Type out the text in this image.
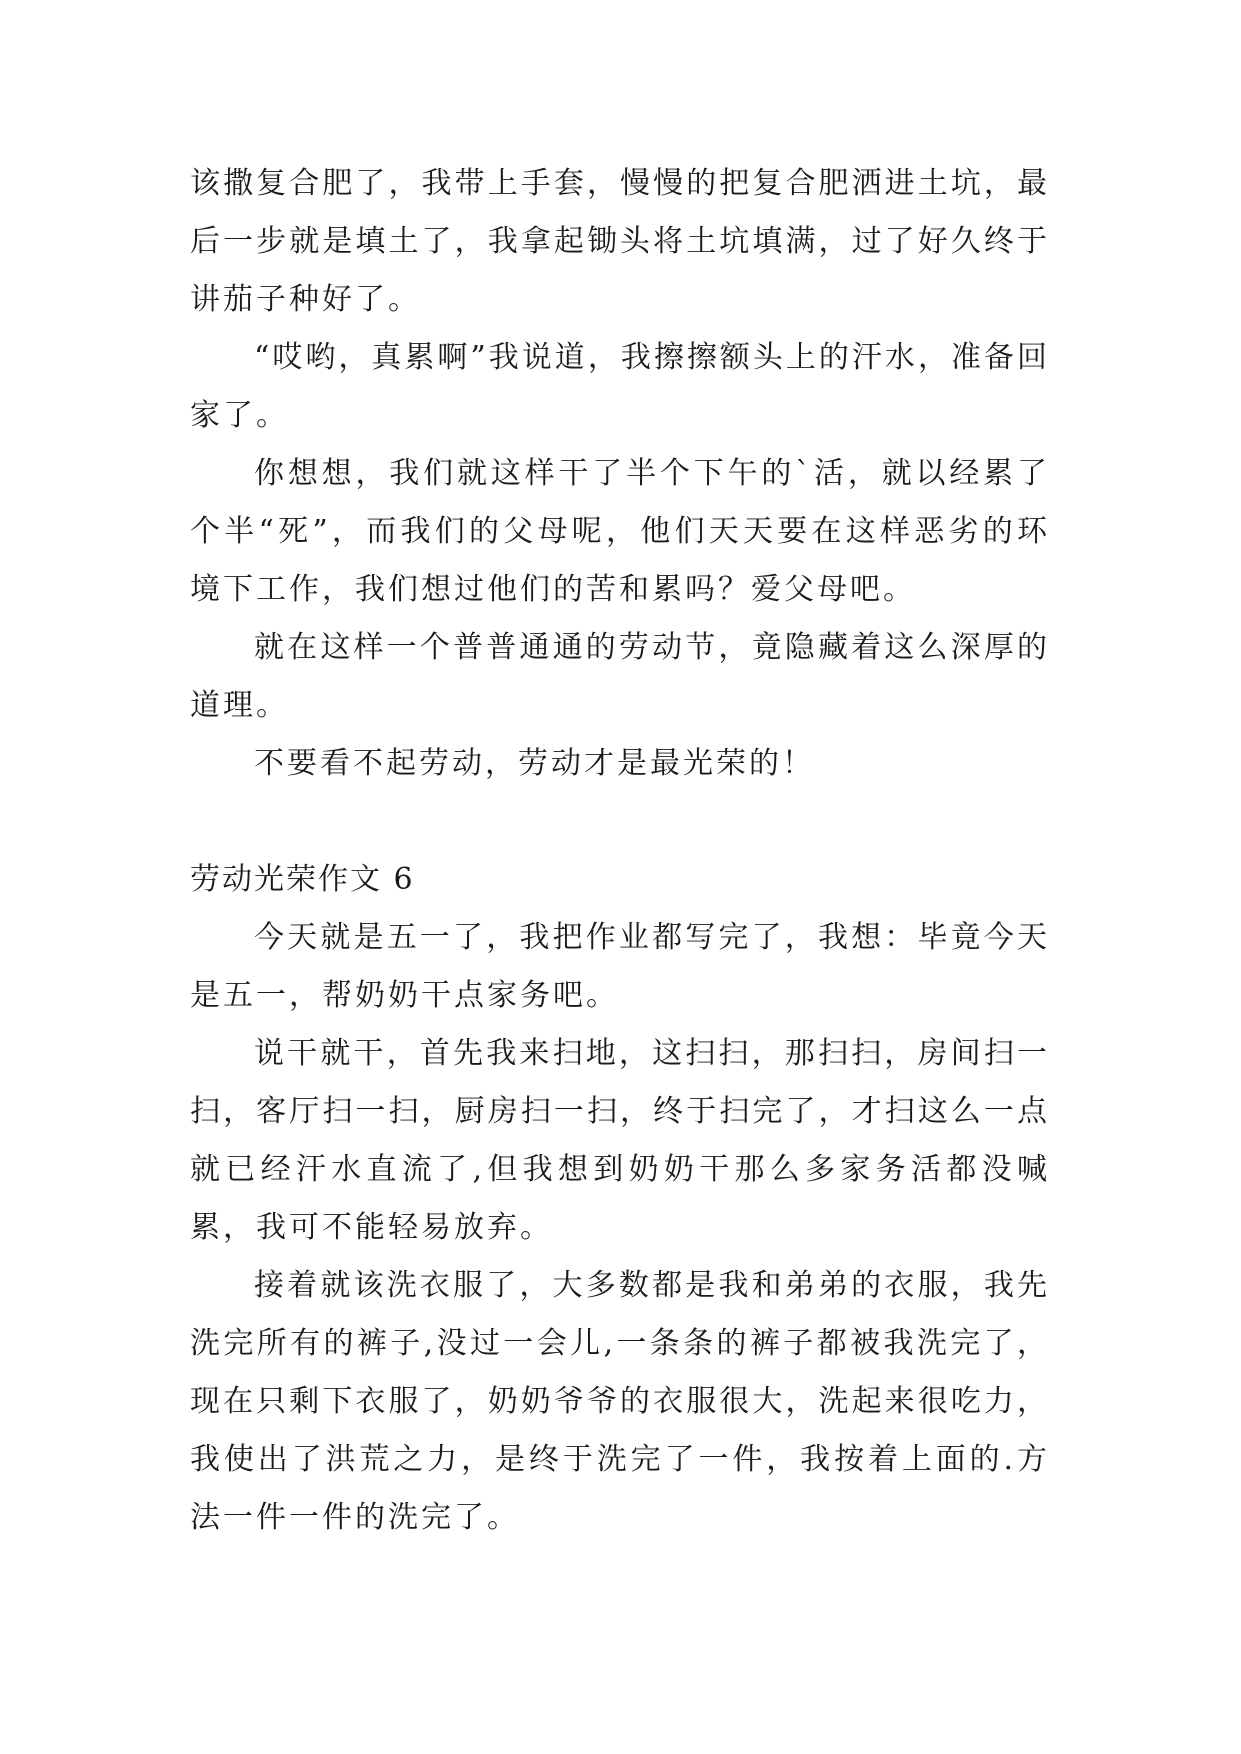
该撒复合肥了，我带上手套，慢慢的把复合肥洒进土坑，最后一步就是填土了，我拿起锄头将土坑填满，过了好久终于讲茄子种好了。

“哎哟，真累啊”我说道，我擦擦额头上的汗水，准备回家了。

你想想，我们就这样干了半个下午的`活，就以经累了个半“死”，而我们的父母呢，他们天天要在这样恶劣的环境下工作，我们想过他们的苦和累吗？爱父母吧。

就在这样一个普普通通的劳动节，竟隐藏着这么深厚的道理。

不要看不起劳动，劳动才是最光荣的！

劳动光荣作文 6

今天就是五一了，我把作业都写完了，我想：毕竟今天是五一，帮奶奶干点家务吧。

说干就干，首先我来扫地，这扫扫，那扫扫，房间扫一扫，客厅扫一扫，厨房扫一扫，终于扫完了，才扫这么一点就已经汗水直流了,但我想到奶奶干那么多家务活都没喊累，我可不能轻易放弃。

接着就该洗衣服了，大多数都是我和弟弟的衣服，我先洗完所有的裤子,没过一会儿,一条条的裤子都被我洗完了，现在只剩下衣服了，奶奶爷爷的衣服很大，洗起来很吃力，我使出了洪荒之力，是终于洗完了一件，我按着上面的.方法一件一件的洗完了。
